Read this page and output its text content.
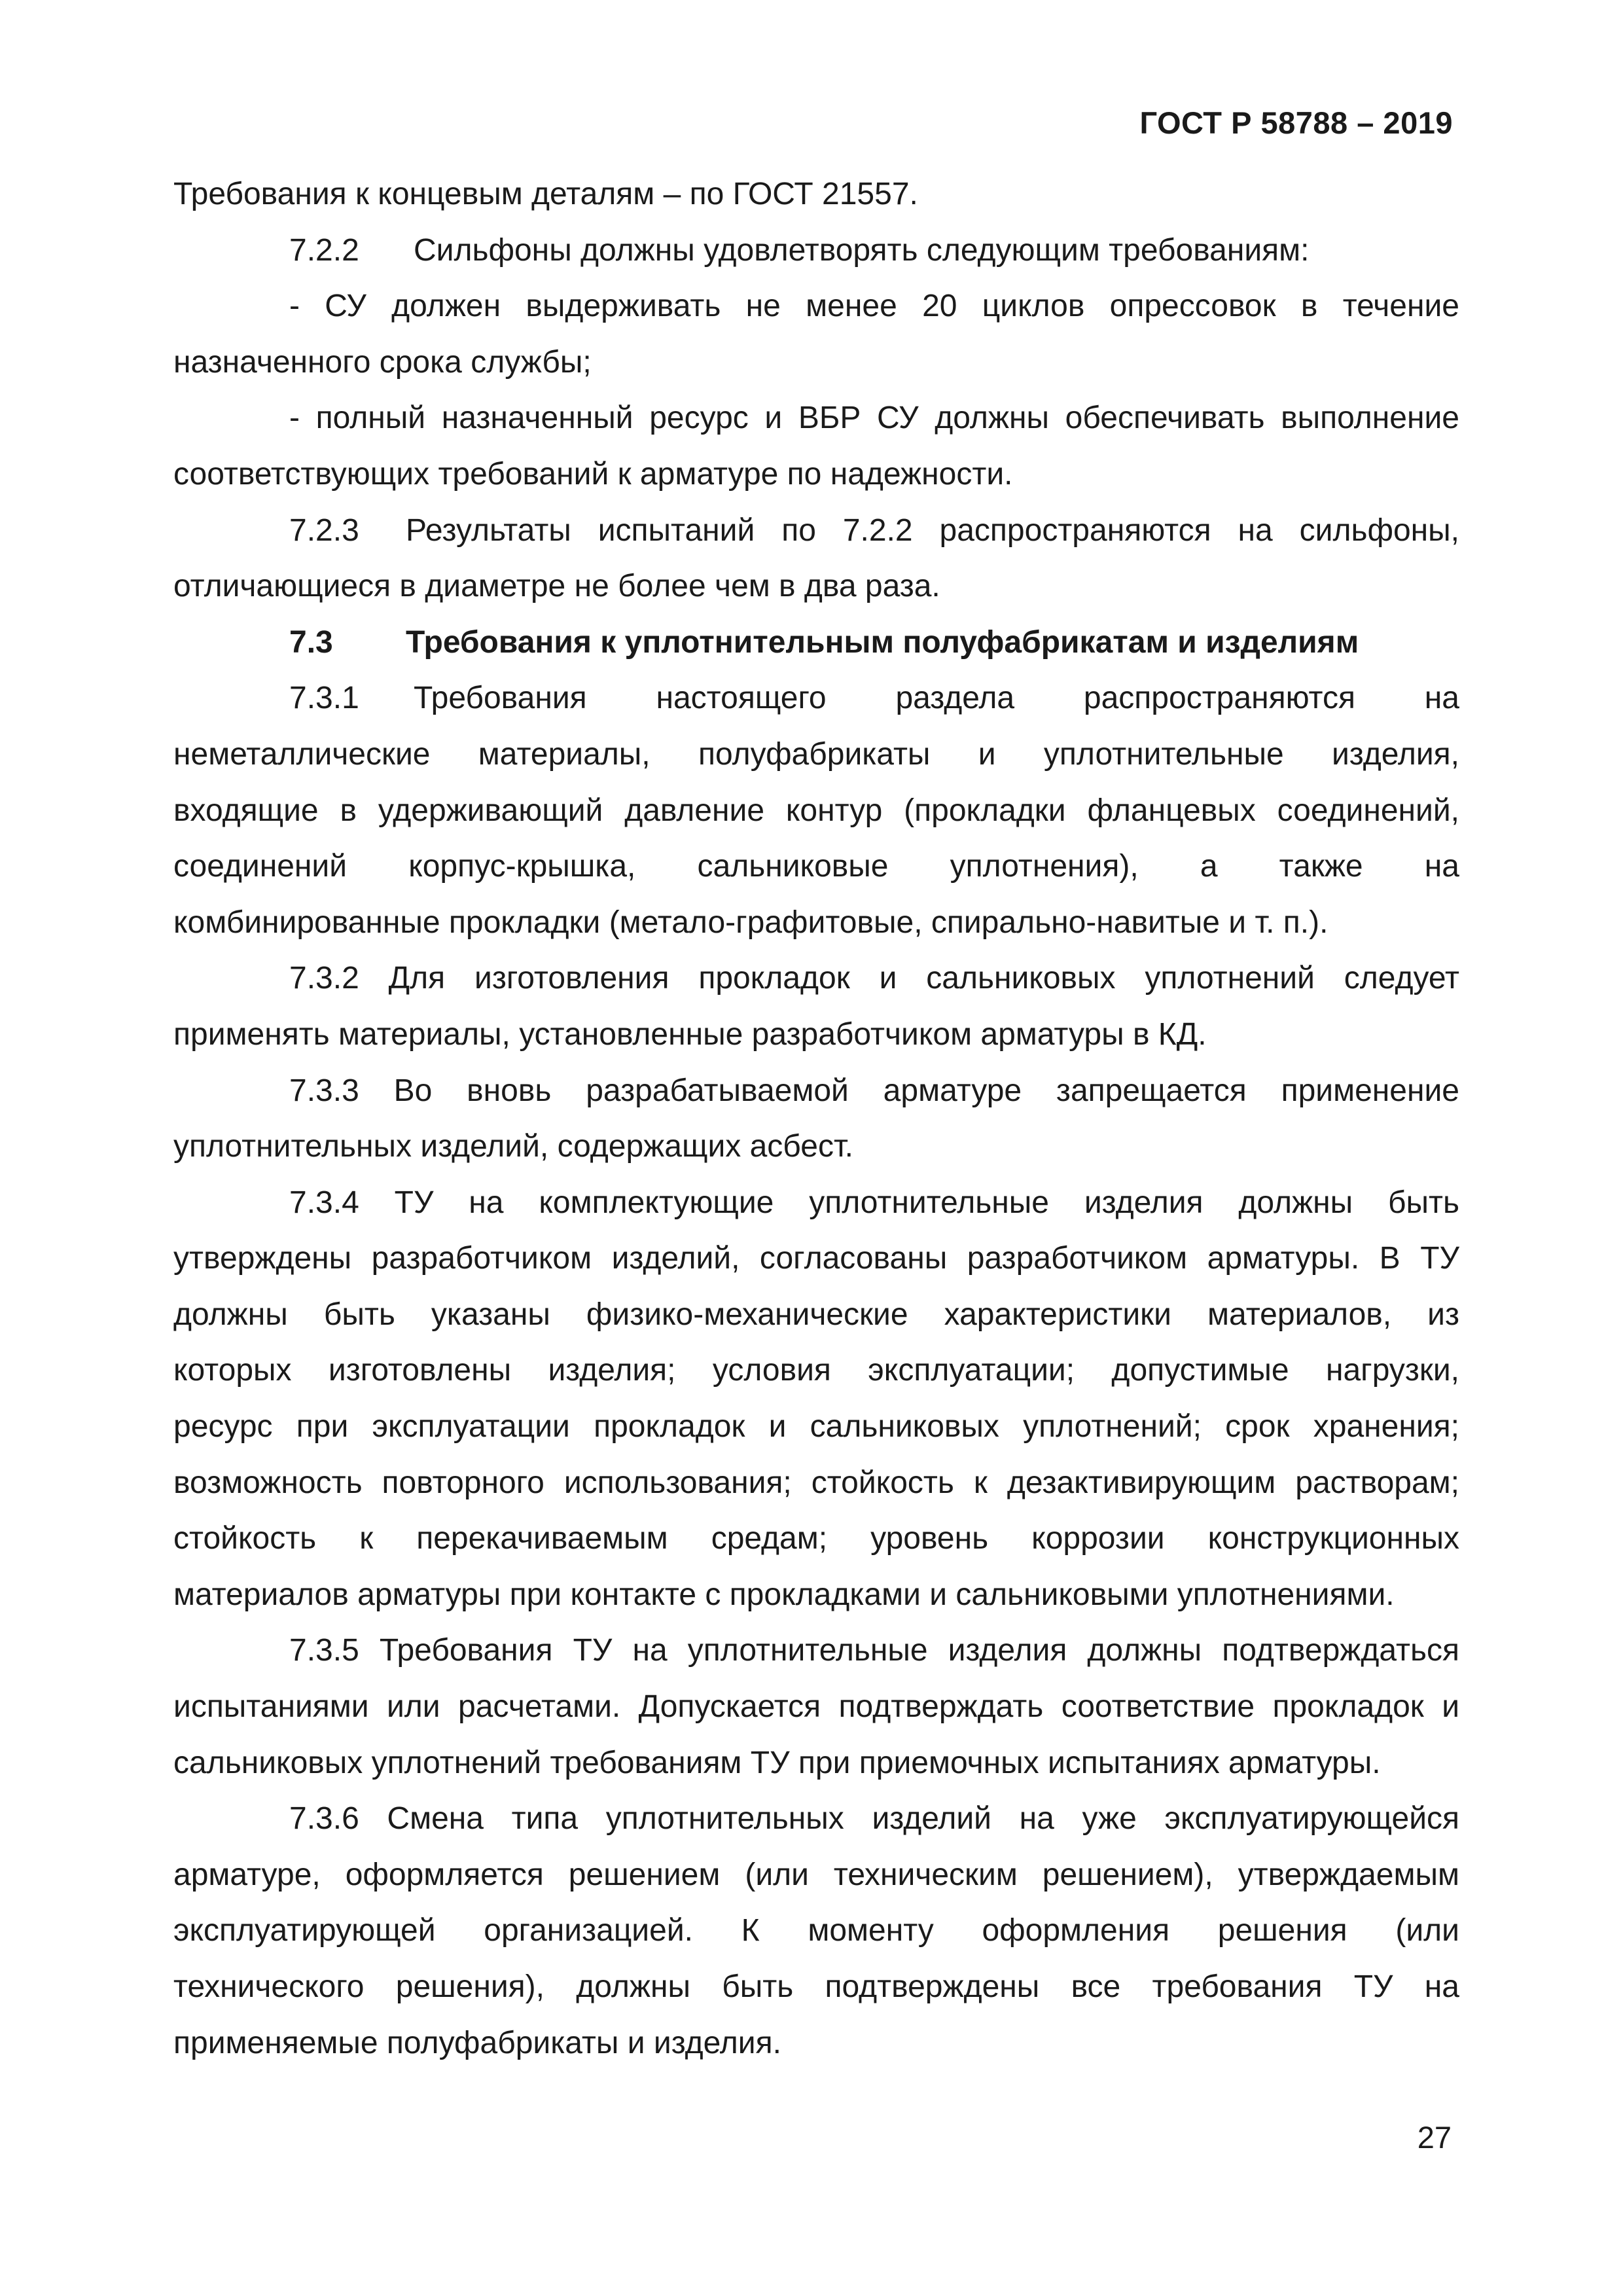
ГОСТ Р 58788 – 2019
Требования к концевым деталям – по ГОСТ 21557.
7.2.2 Сильфоны должны удовлетворять следующим требованиям:
- СУ должен выдерживать не менее 20 циклов опрессовок в течение
назначенного срока службы;
- полный назначенный ресурс и ВБР СУ должны обеспечивать выполнение
соответствующих требований к арматуре по надежности.
7.2.3 Результаты испытаний по 7.2.2 распространяются на сильфоны,
отличающиеся в диаметре не более чем в два раза.
7.3 Требования к уплотнительным полуфабрикатам и изделиям
7.3.1 Требования настоящего раздела распространяются на
неметаллические материалы, полуфабрикаты и уплотнительные изделия,
входящие в удерживающий давление контур (прокладки фланцевых соединений,
соединений корпус-крышка, сальниковые уплотнения), а также на
комбинированные прокладки (метало-графитовые, спирально-навитые и т. п.).
7.3.2 Для изготовления прокладок и сальниковых уплотнений следует
применять материалы, установленные разработчиком арматуры в КД.
7.3.3 Во вновь разрабатываемой арматуре запрещается применение
уплотнительных изделий, содержащих асбест.
7.3.4 ТУ на комплектующие уплотнительные изделия должны быть
утверждены разработчиком изделий, согласованы разработчиком арматуры. В ТУ
должны быть указаны физико-механические характеристики материалов, из
которых изготовлены изделия; условия эксплуатации; допустимые нагрузки,
ресурс при эксплуатации прокладок и сальниковых уплотнений; срок хранения;
возможность повторного использования; стойкость к дезактивирующим растворам;
стойкость к перекачиваемым средам; уровень коррозии конструкционных
материалов арматуры при контакте с прокладками и сальниковыми уплотнениями.
7.3.5 Требования ТУ на уплотнительные изделия должны подтверждаться
испытаниями или расчетами. Допускается подтверждать соответствие прокладок и
сальниковых уплотнений требованиям ТУ при приемочных испытаниях арматуры.
7.3.6 Смена типа уплотнительных изделий на уже эксплуатирующейся
арматуре, оформляется решением (или техническим решением), утверждаемым
эксплуатирующей организацией. К моменту оформления решения (или
технического решения), должны быть подтверждены все требования ТУ на
применяемые полуфабрикаты и изделия.
27
